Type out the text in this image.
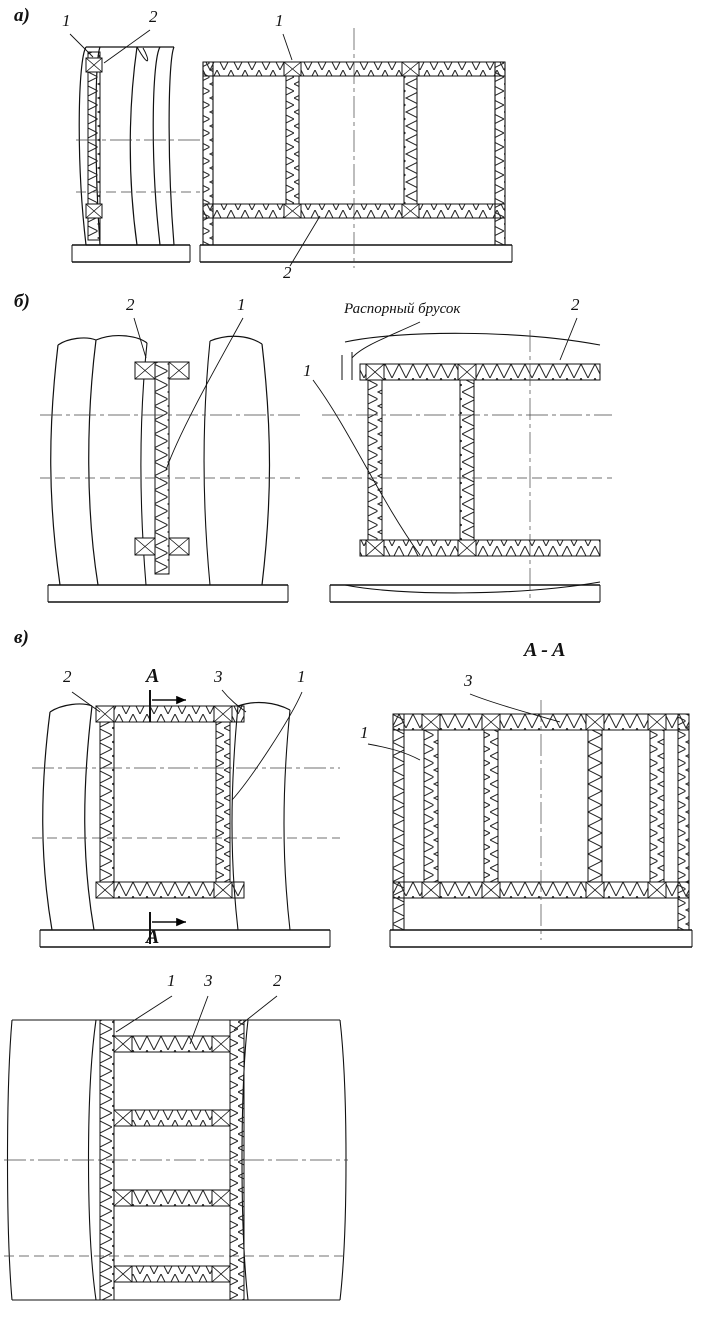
а) 1	2	1
2
б)	2	1
1
2
Распорный брусок
в)
2	3	1	3
1
A
A
A - A
1 3	2
